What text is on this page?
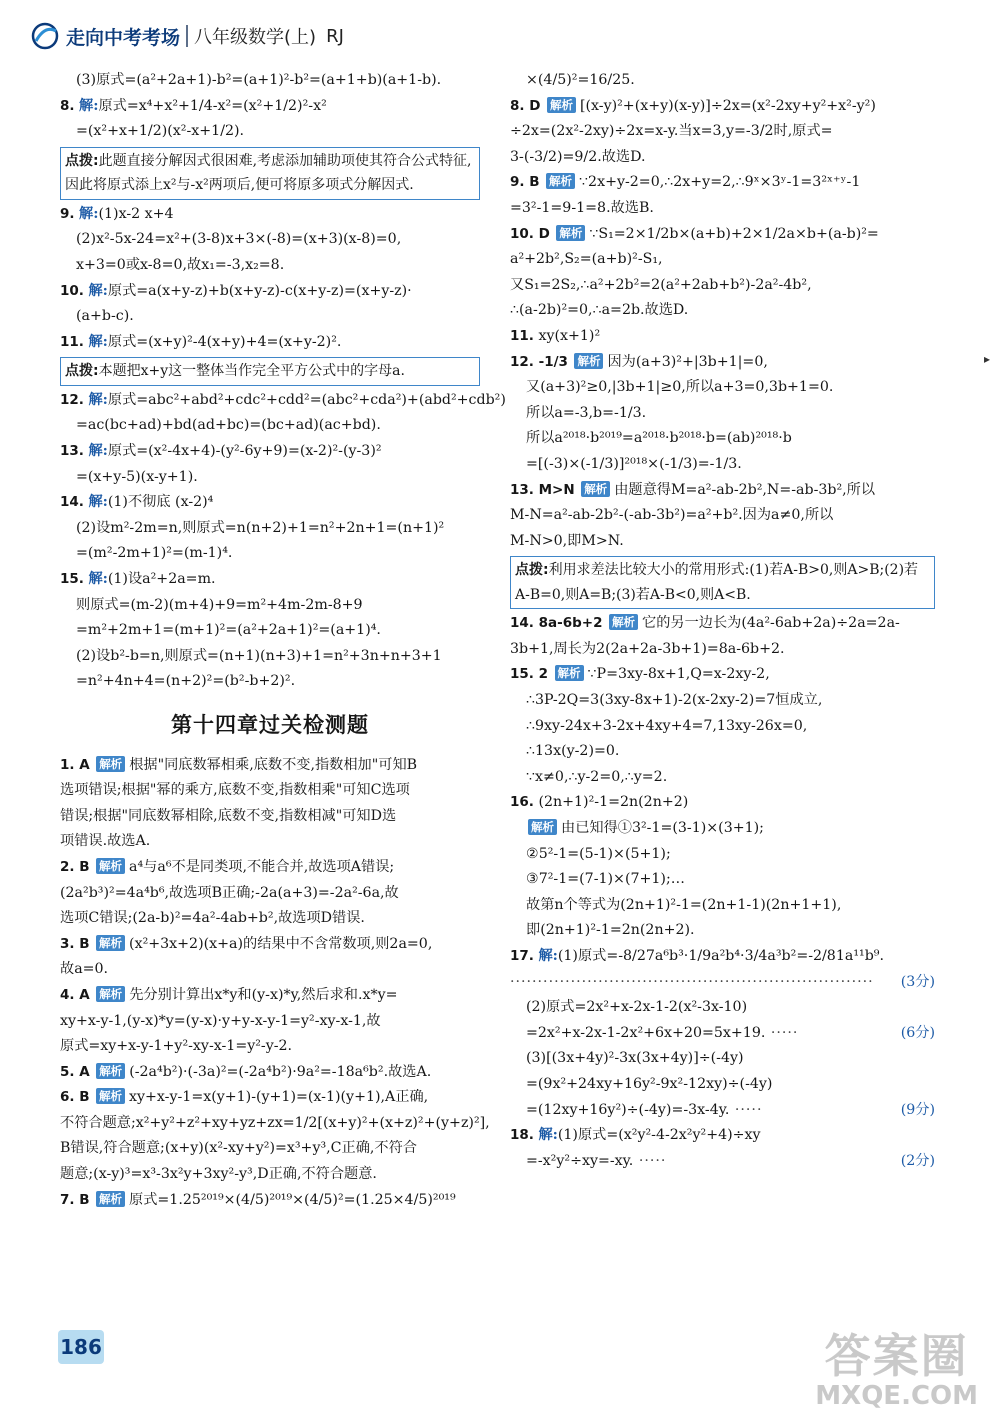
走向中考考场 八年级数学(上) RJ
(3)原式=(a²+2a+1)-b²=(a+1)²-b²=(a+1+b)(a+1-b).
8. 解:原式=x⁴+x²+1/4-x²=(x²+1/2)²-x²
=(x²+x+1/2)(x²-x+1/2).
点拨:此题直接分解因式很困难,考虑添加辅助项使其符合公式特征,因此将原式添上x²与-x²两项后,便可将原多项式分解因式.
9. 解:(1)x-2 x+4
(2)x²-5x-24=x²+(3-8)x+3×(-8)=(x+3)(x-8)=0,
x+3=0或x-8=0,故x₁=-3,x₂=8.
10. 解:原式=a(x+y-z)+b(x+y-z)-c(x+y-z)=(x+y-z)·
(a+b-c).
11. 解:原式=(x+y)²-4(x+y)+4=(x+y-2)².
点拨:本题把x+y这一整体当作完全平方公式中的字母a.
12. 解:原式=abc²+abd²+cdc²+cdd²=(abc²+cda²)+(abd²+cdb²)
=ac(bc+ad)+bd(ad+bc)=(bc+ad)(ac+bd).
13. 解:原式=(x²-4x+4)-(y²-6y+9)=(x-2)²-(y-3)²
=(x+y-5)(x-y+1).
14. 解:(1)不彻底 (x-2)⁴
(2)设m²-2m=n,则原式=n(n+2)+1=n²+2n+1=(n+1)²
=(m²-2m+1)²=(m-1)⁴.
15. 解:(1)设a²+2a=m.
则原式=(m-2)(m+4)+9=m²+4m-2m-8+9
=m²+2m+1=(m+1)²=(a²+2a+1)²=(a+1)⁴.
(2)设b²-b=n,则原式=(n+1)(n+3)+1=n²+3n+n+3+1
=n²+4n+4=(n+2)²=(b²-b+2)².
第十四章过关检测题
1. A 解析 根据"同底数幂相乘,底数不变,指数相加"可知B
选项错误;根据"幂的乘方,底数不变,指数相乘"可知C选项
错误;根据"同底数幂相除,底数不变,指数相减"可知D选
项错误.故选A.
2. B 解析 a⁴与a⁶不是同类项,不能合并,故选项A错误;
(2a²b³)²=4a⁴b⁶,故选项B正确;-2a(a+3)=-2a²-6a,故
选项C错误;(2a-b)²=4a²-4ab+b²,故选项D错误.
3. B 解析 (x²+3x+2)(x+a)的结果中不含常数项,则2a=0,
故a=0.
4. A 解析 先分别计算出x*y和(y-x)*y,然后求和.x*y=
xy+x-y-1,(y-x)*y=(y-x)·y+y-x-y-1=y²-xy-x-1,故
原式=xy+x-y-1+y²-xy-x-1=y²-y-2.
5. A 解析 (-2a⁴b²)·(-3a)²=(-2a⁴b²)·9a²=-18a⁶b².故选A.
6. B 解析 xy+x-y-1=x(y+1)-(y+1)=(x-1)(y+1),A正确,
不符合题意;x²+y²+z²+xy+yz+zx=1/2[(x+y)²+(x+z)²+(y+z)²],
B错误,符合题意;(x+y)(x²-xy+y²)=x³+y³,C正确,不符合
题意;(x-y)³=x³-3x²y+3xy²-y³,D正确,不符合题意.
7. B 解析 原式=1.25²⁰¹⁹×(4/5)²⁰¹⁹×(4/5)²=(1.25×4/5)²⁰¹⁹
×(4/5)²=16/25.
8. D 解析 [(x-y)²+(x+y)(x-y)]÷2x=(x²-2xy+y²+x²-y²)
÷2x=(2x²-2xy)÷2x=x-y.当x=3,y=-3/2时,原式=
3-(-3/2)=9/2.故选D.
9. B 解析 ∵2x+y-2=0,∴2x+y=2,∴9ˣ×3ʸ-1=3²ˣ⁺ʸ-1
=3²-1=9-1=8.故选B.
10. D 解析 ∵S₁=2×1/2b×(a+b)+2×1/2a×b+(a-b)²=
a²+2b²,S₂=(a+b)²-S₁,
又S₁=2S₂,∴a²+2b²=2(a²+2ab+b²)-2a²-4b²,
∴(a-2b)²=0,∴a=2b.故选D.
11. xy(x+1)²
12. -1/3 解析 因为(a+3)²+|3b+1|=0,
又(a+3)²≥0,|3b+1|≥0,所以a+3=0,3b+1=0.
所以a=-3,b=-1/3.
所以a²⁰¹⁸·b²⁰¹⁹=a²⁰¹⁸·b²⁰¹⁸·b=(ab)²⁰¹⁸·b
=[(-3)×(-1/3)]²⁰¹⁸×(-1/3)=-1/3.
13. M>N 解析 由题意得M=a²-ab-2b²,N=-ab-3b²,所以
M-N=a²-ab-2b²-(-ab-3b²)=a²+b².因为a≠0,所以
M-N>0,即M>N.
点拨:利用求差法比较大小的常用形式:(1)若A-B>0,则A>B;(2)若A-B=0,则A=B;(3)若A-B<0,则A<B.
14. 8a-6b+2 解析 它的另一边长为(4a²-6ab+2a)÷2a=2a-
3b+1,周长为2(2a+2a-3b+1)=8a-6b+2.
15. 2 解析 ∵P=3xy-8x+1,Q=x-2xy-2,
∴3P-2Q=3(3xy-8x+1)-2(x-2xy-2)=7恒成立,
∴9xy-24x+3-2x+4xy+4=7,13xy-26x=0,
∴13x(y-2)=0.
∵x≠0,∴y-2=0,∴y=2.
16. (2n+1)²-1=2n(2n+2)
解析 由已知得①3²-1=(3-1)×(3+1);
②5²-1=(5-1)×(5+1);
③7²-1=(7-1)×(7+1);…
故第n个等式为(2n+1)²-1=(2n+1-1)(2n+1+1),
即(2n+1)²-1=2n(2n+2).
17. 解:(1)原式=-8/27a⁶b³·1/9a²b⁴·3/4a³b²=-2/81a¹¹b⁹.
·································································· (3分)
(2)原式=2x²+x-2x-1-2(x²-3x-10)
=2x²+x-2x-1-2x²+6x+20=5x+19. ·····	(6分)
(3)[(3x+4y)²-3x(3x+4y)]÷(-4y)
=(9x²+24xy+16y²-9x²-12xy)÷(-4y)
=(12xy+16y²)÷(-4y)=-3x-4y. ·····	(9分)
18. 解:(1)原式=(x²y²-4-2x²y²+4)÷xy
=-x²y²÷xy=-xy. ·····	(2分)
▸
186	答案圈
MXQE.COM
